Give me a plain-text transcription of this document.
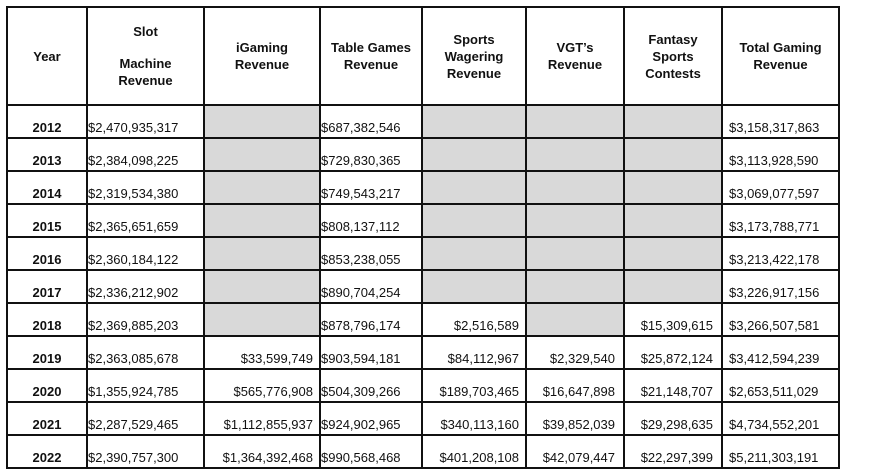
Year	Slot
Machine
Revenue	iGaming Revenue	Table Games Revenue	Sports Wagering Revenue	VGT’s Revenue	Fantasy Sports Contests	Total Gaming Revenue

2012	$2,470,935,317		$687,382,546				$3,158,317,863
2013	$2,384,098,225		$729,830,365				$3,113,928,590
2014	$2,319,534,380		$749,543,217				$3,069,077,597
2015	$2,365,651,659		$808,137,112				$3,173,788,771
2016	$2,360,184,122		$853,238,055				$3,213,422,178
2017	$2,336,212,902		$890,704,254				$3,226,917,156
2018	$2,369,885,203		$878,796,174	$2,516,589		$15,309,615	$3,266,507,581
2019	$2,363,085,678	$33,599,749	$903,594,181	$84,112,967	$2,329,540	$25,872,124	$3,412,594,239
2020	$1,355,924,785	$565,776,908	$504,309,266	$189,703,465	$16,647,898	$21,148,707	$2,653,511,029
2021	$2,287,529,465	$1,112,855,937	$924,902,965	$340,113,160	$39,852,039	$29,298,635	$4,734,552,201
2022	$2,390,757,300	$1,364,392,468	$990,568,468	$401,208,108	$42,079,447	$22,297,399	$5,211,303,191
